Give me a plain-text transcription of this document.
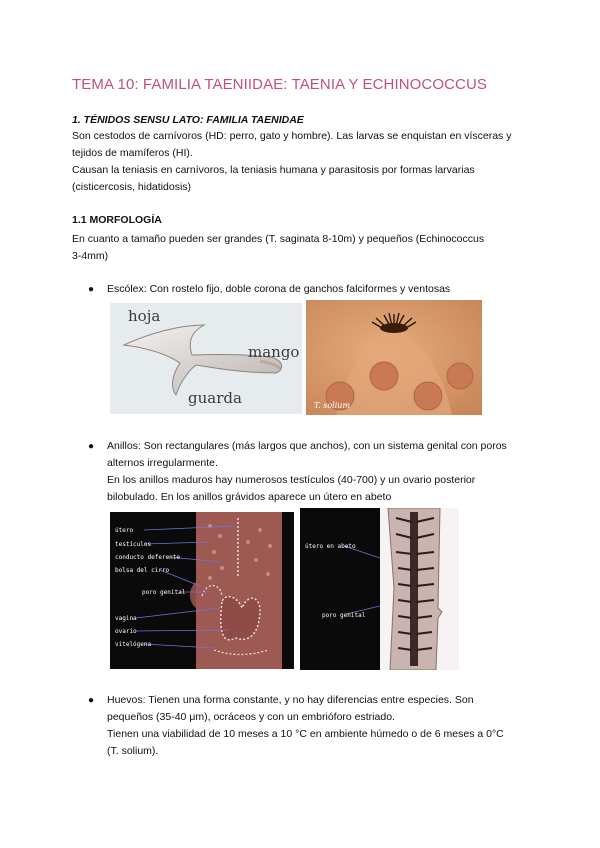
TEMA 10: FAMILIA TAENIIDAE: TAENIA Y ECHINOCOCCUS
1. TÉNIDOS SENSU LATO: FAMILIA TAENIDAE
Son cestodos de carnívoros (HD: perro, gato y hombre). Las larvas se enquistan en vísceras y
tejidos de mamíferos (HI).
Causan la teniasis en carnívoros, la teniasis humana y parasitosis por formas larvarias
(cisticercosis, hidatidosis)
1.1 MORFOLOGÍA
En cuanto a tamaño pueden ser grandes (T. saginata 8-10m) y pequeños (Echinococcus
3-4mm)
● Escólex: Con rostelo fijo, doble corona de ganchos falciformes y ventosas
hoja
mango
guarda	T. solium
● Anillos: Son rectangulares (más largos que anchos), con un sistema genital con poros
alternos irregularmente.
En los anillos maduros hay numerosos testículos (40-700) y un ovario posterior
bilobulado. En los anillos grávidos aparece un útero en abeto
útero
testículos
conducto deferente
bolsa del cirro
poro genital
vagina
ovario
vitelógena
útero en abeto
poro genital
● Huevos: Tienen una forma constante, y no hay diferencias entre especies. Son
pequeños (35-40 μm), ocráceos y con un embrióforo estriado.
Tienen una viabilidad de 10 meses a 10 °C en ambiente húmedo o de 6 meses a 0°C
(T. solium).
